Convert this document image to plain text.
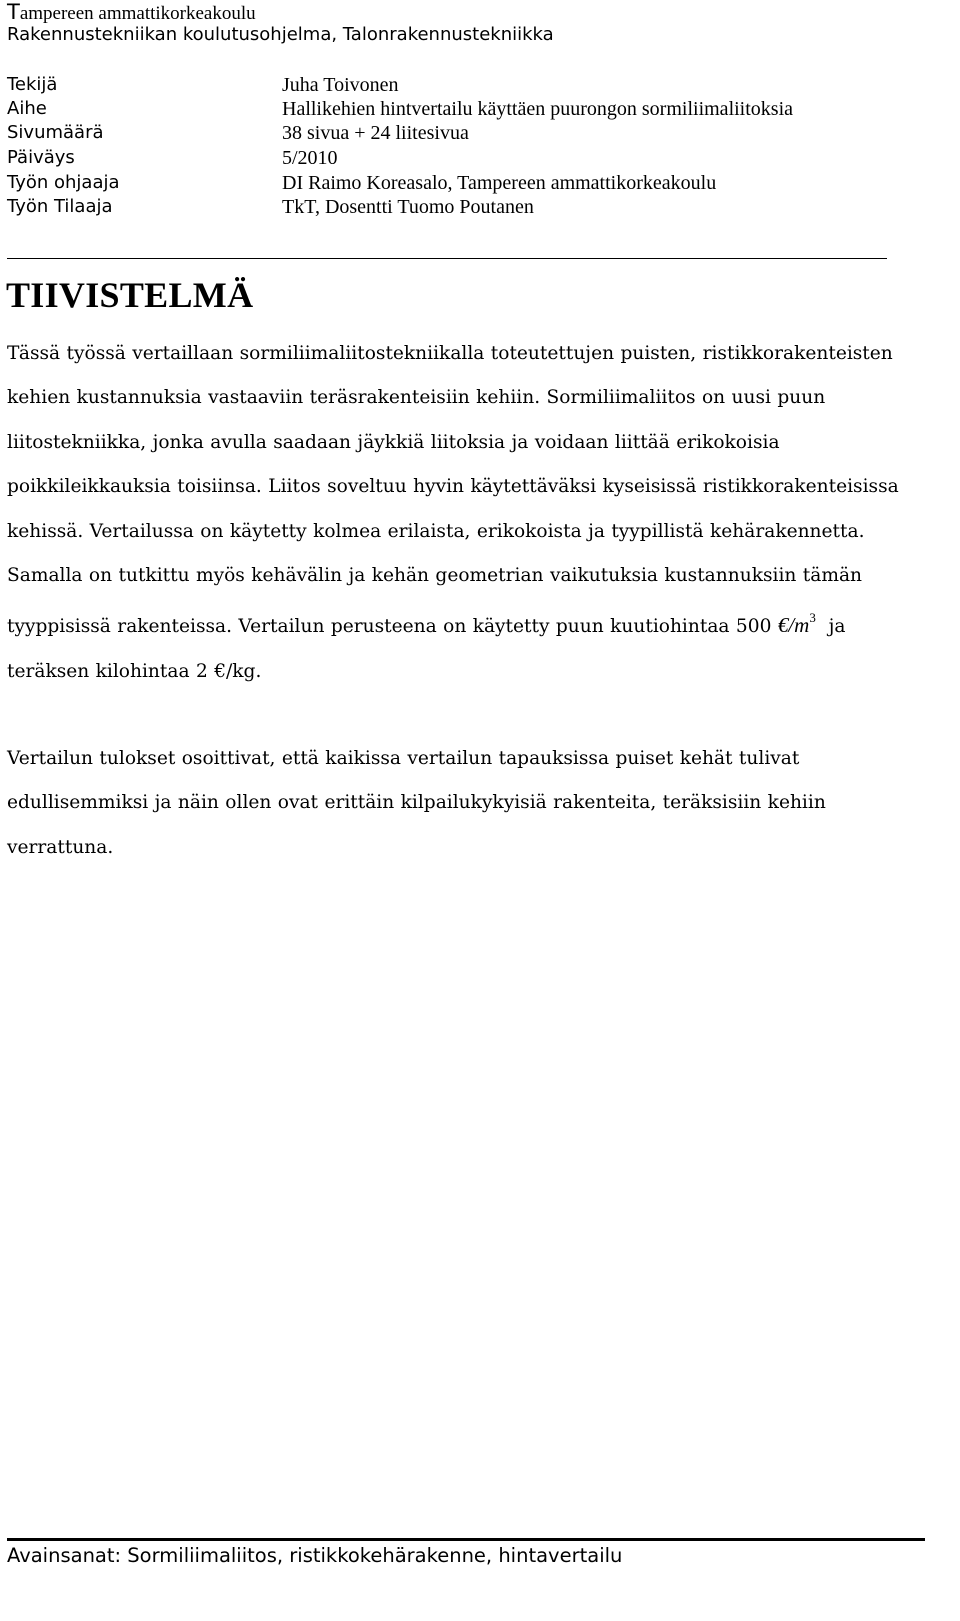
Tampereen ammattikorkeakoulu
Rakennustekniikan koulutusohjelma, Talonrakennustekniikka
Tekijä	Juha Toivonen
Aihe	Hallikehien hintvertailu käyttäen puurongon sormiliimaliitoksia
Sivumäärä	38 sivua + 24 liitesivua
Päiväys	5/2010
Työn ohjaaja	DI Raimo Koreasalo, Tampereen ammattikorkeakoulu
Työn Tilaaja	TkT, Dosentti Tuomo Poutanen
TIIVISTELMÄ

Tässä työssä vertaillaan sormiliimaliitostekniikalla toteutettujen puisten, ristikkorakenteisten kehien kustannuksia vastaaviin teräsrakenteisiin kehiin. Sormiliimaliitos on uusi puun liitostekniikka, jonka avulla saadaan jäykkiä liitoksia ja voidaan liittää erikokoisia poikkileikkauksia toisiinsa. Liitos soveltuu hyvin käytettäväksi kyseisissä ristikkorakenteisissa kehissä. Vertailussa on käytetty kolmea erilaista, erikokoista ja tyypillistä kehärakennetta. Samalla on tutkittu myös kehävälin ja kehän geometrian vaikutuksia kustannuksiin tämän tyyppisissä rakenteissa. Vertailun perusteena on käytetty puun kuutiohintaa 500 $€/m^3$ ja teräksen kilohintaa 2 €/kg.

Vertailun tulokset osoittivat, että kaikissa vertailun tapauksissa puiset kehät tulivat edullisemmiksi ja näin ollen ovat erittäin kilpailukykyisiä rakenteita, teräksisiin kehiin verrattuna.

Avainsanat: Sormiliimaliitos, ristikkokehärakenne, hintavertailu
